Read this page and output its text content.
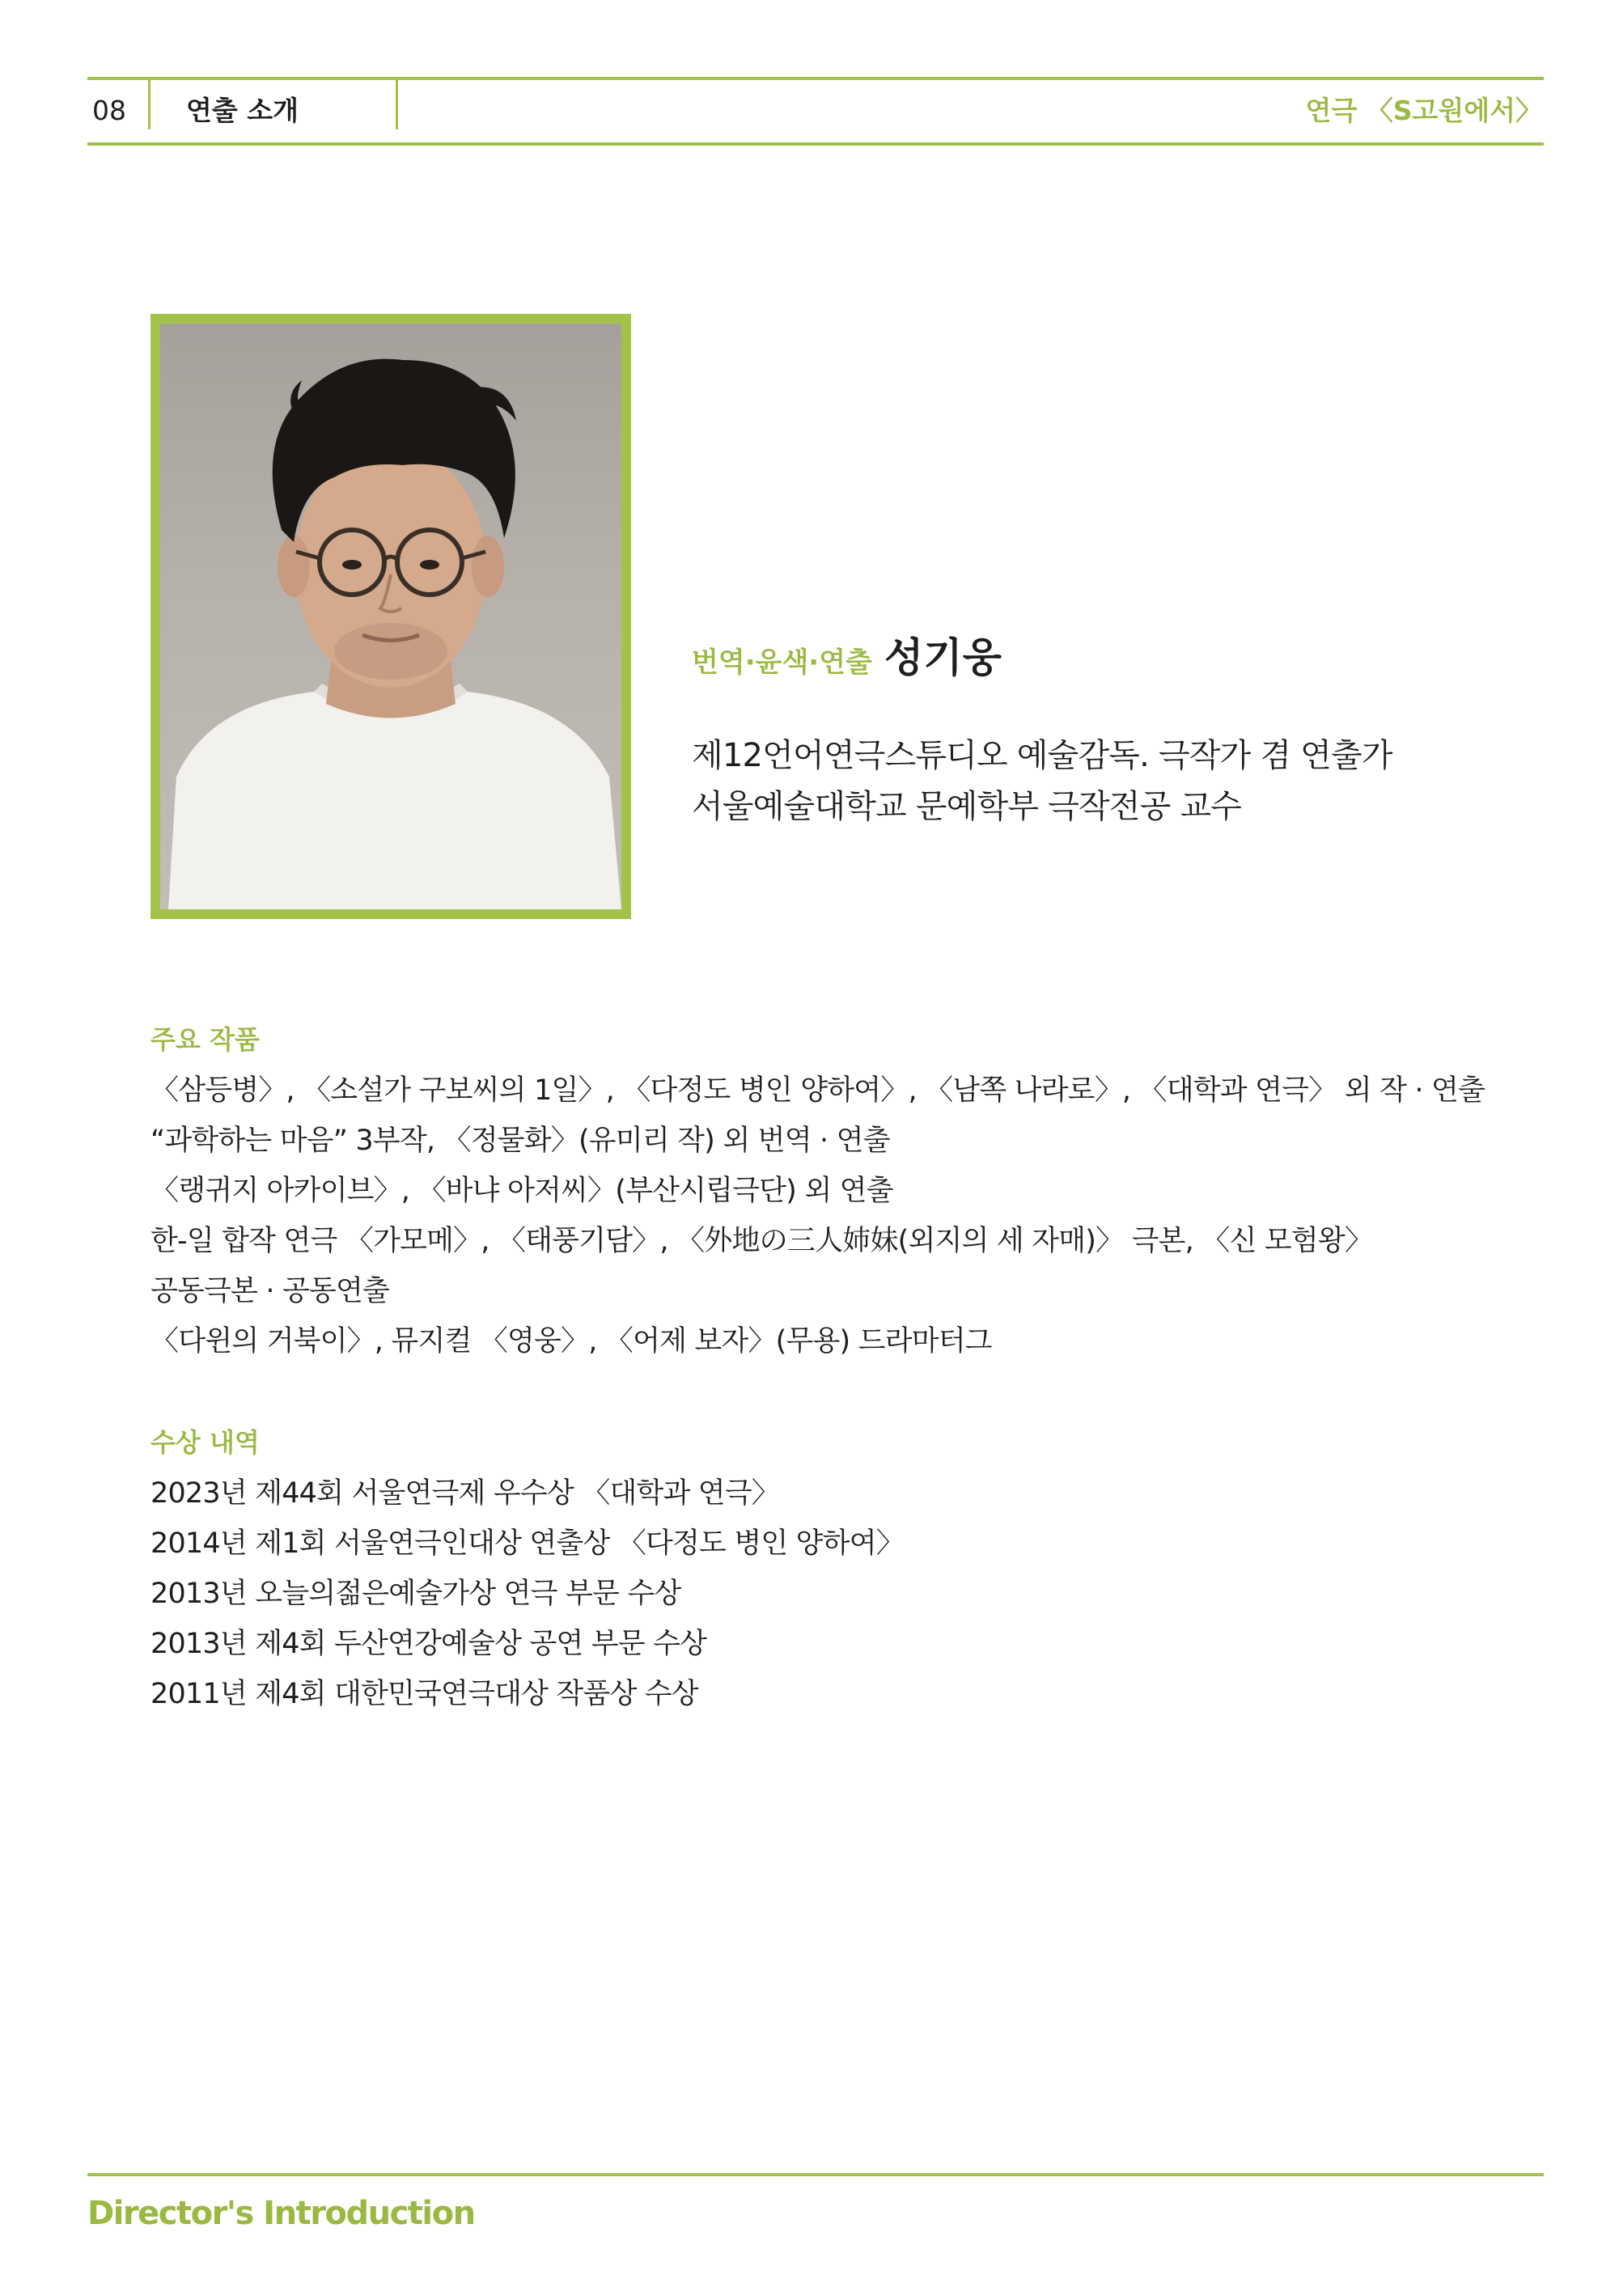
08 연출 소개	연극 〈S고원에서〉
번역·윤색·연출 성기웅
제12언어연극스튜디오 예술감독. 극작가 겸 연출가
서울예술대학교 문예학부 극작전공 교수
주요 작품
〈삼등병〉, 〈소설가 구보씨의 1일〉, 〈다정도 병인 양하여〉, 〈남쪽 나라로〉, 〈대학과 연극〉 외 작 · 연출
“과학하는 마음” 3부작, 〈정물화〉(유미리 작) 외 번역 · 연출
〈랭귀지 아카이브〉, 〈바냐 아저씨〉(부산시립극단) 외 연출
한-일 합작 연극 〈가모메〉, 〈태풍기담〉, 〈外地の三人姉妹(외지의 세 자매)〉 극본, 〈신 모험왕〉
공동극본 · 공동연출
〈다윈의 거북이〉, 뮤지컬 〈영웅〉, 〈어제 보자〉(무용) 드라마터그
수상 내역
2023년 제44회 서울연극제 우수상 〈대학과 연극〉
2014년 제1회 서울연극인대상 연출상 〈다정도 병인 양하여〉
2013년 오늘의젊은예술가상 연극 부문 수상
2013년 제4회 두산연강예술상 공연 부문 수상
2011년 제4회 대한민국연극대상 작품상 수상
Director's Introduction
